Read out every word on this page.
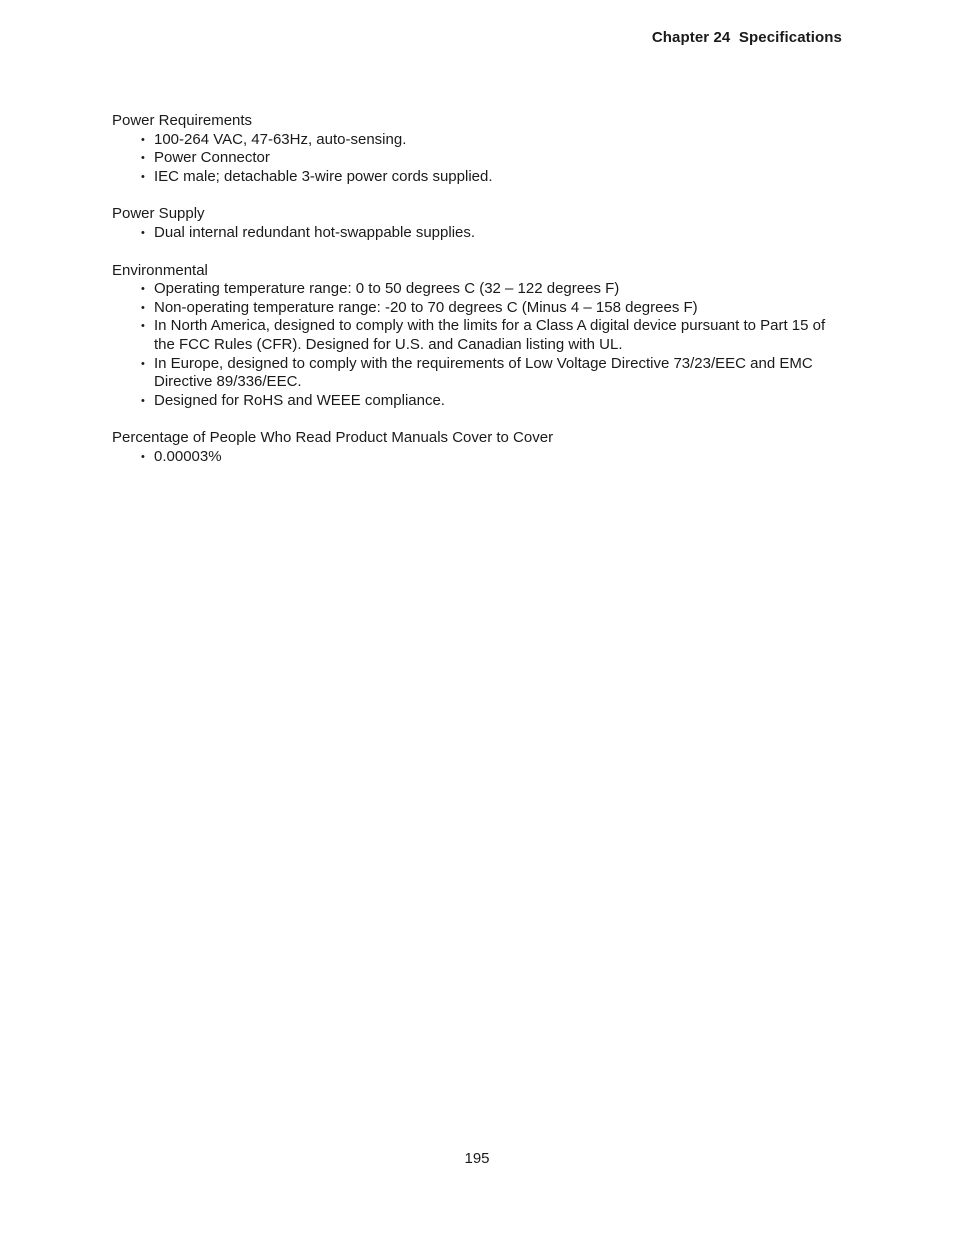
Chapter 24  Specifications
Power Requirements
• 100-264 VAC, 47-63Hz, auto-sensing.
• Power Connector
• IEC male; detachable 3-wire power cords supplied.
Power Supply
• Dual internal redundant hot-swappable supplies.
Environmental
• Operating temperature range: 0 to 50 degrees C (32 – 122 degrees F)
• Non-operating temperature range: -20 to 70 degrees C (Minus 4 – 158 degrees F)
• In North America, designed to comply with the limits for a Class A digital device pursuant to Part 15 of the FCC Rules (CFR). Designed for U.S. and Canadian listing with UL.
• In Europe, designed to comply with the requirements of Low Voltage Directive 73/23/EEC and EMC Directive 89/336/EEC.
• Designed for RoHS and WEEE compliance.
Percentage of People Who Read Product Manuals Cover to Cover
• 0.00003%
195
